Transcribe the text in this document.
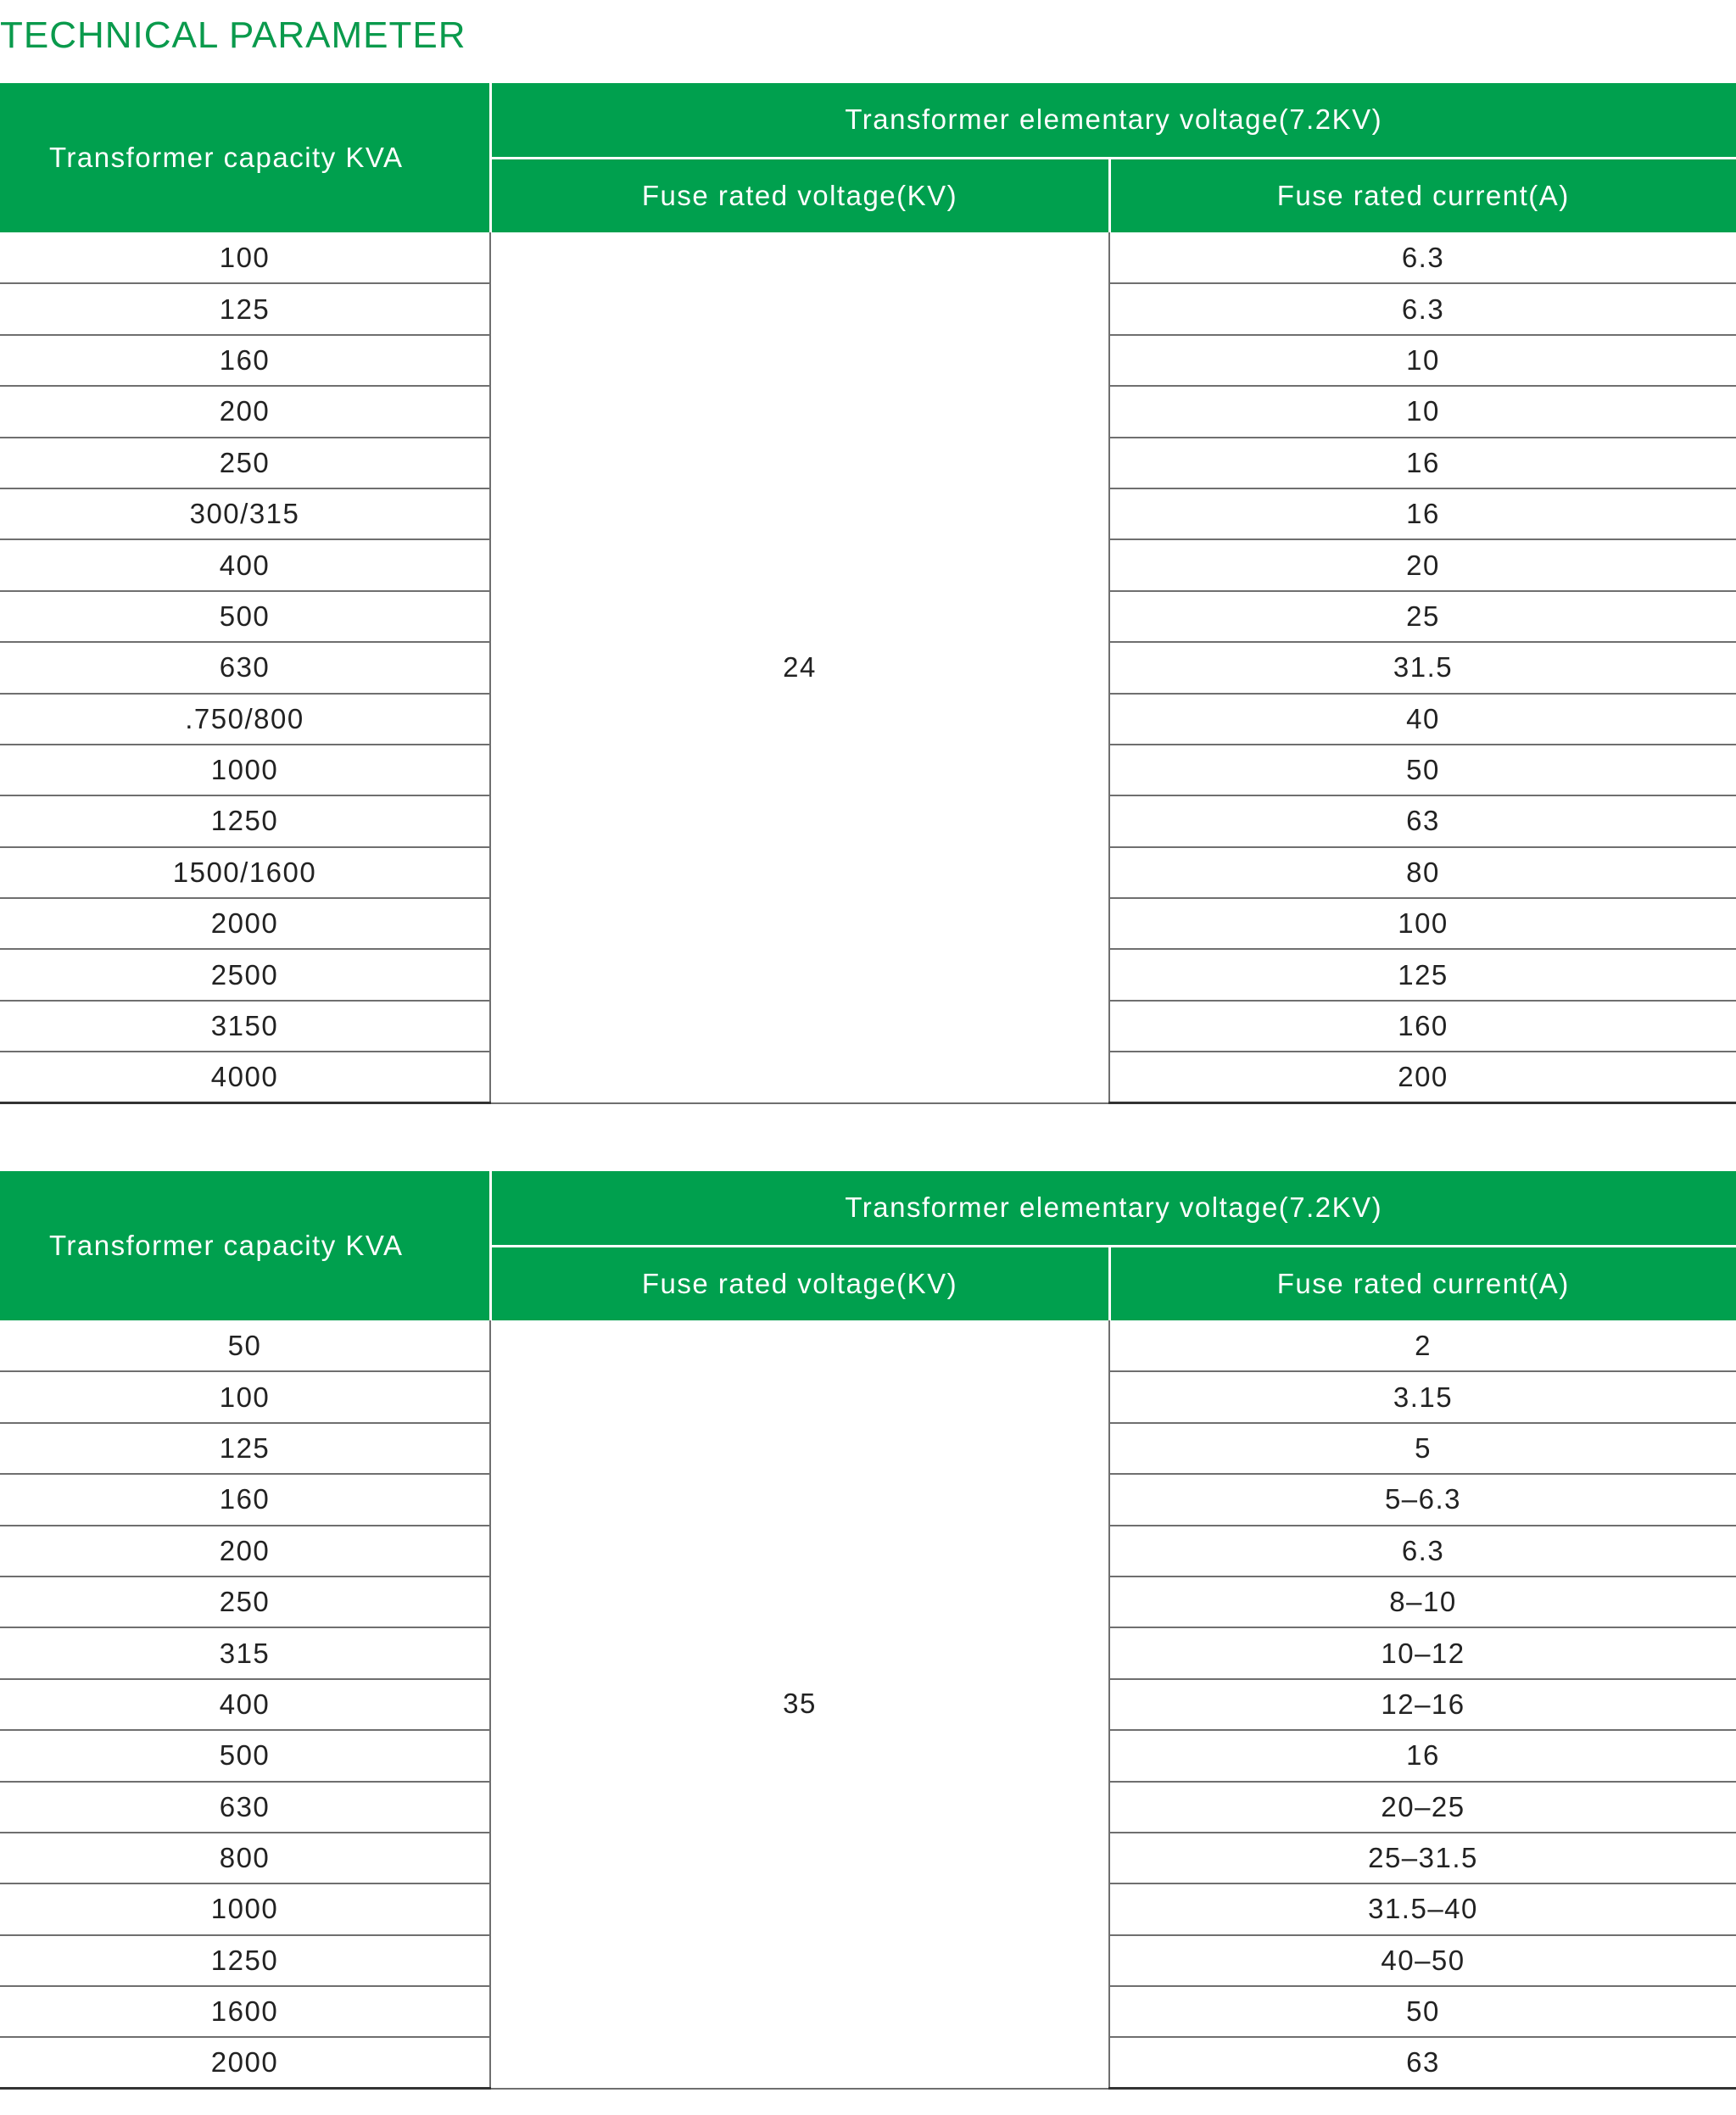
TECHNICAL PARAMETER
Transformer capacity KVA	Transformer elementary voltage(7.2KV)	
	Fuse rated voltage(KV)	Fuse rated current(A)
100	24	6.3
125		6.3
160		10
200		10
250		16
300/315		16
400		20
500		25
630		31.5
.750/800		40
1000		50
1250		63
1500/1600		80
2000		100
2500		125
3150		160
4000		200
Transformer capacity KVA	Transformer elementary voltage(7.2KV)	
	Fuse rated voltage(KV)	Fuse rated current(A)
50	35	2
100		3.15
125		5
160		5–6.3
200		6.3
250		8–10
315		10–12
400		12–16
500		16
630		20–25
800		25–31.5
1000		31.5–40
1250		40–50
1600		50
2000		63
